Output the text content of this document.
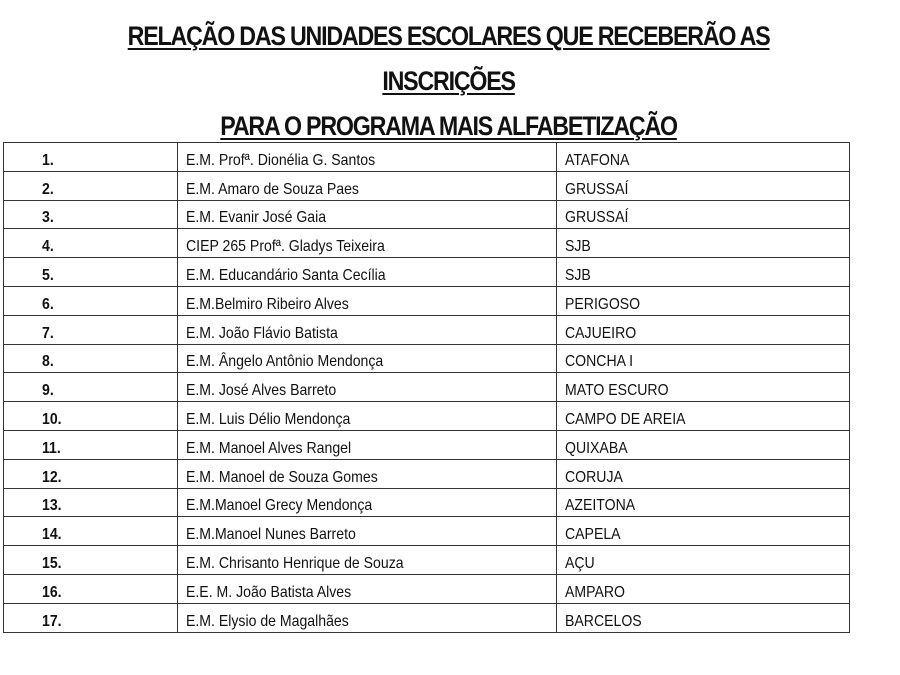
RELAÇÃO DAS UNIDADES ESCOLARES QUE RECEBERÃO AS INSCRIÇÕES
PARA O PROGRAMA MAIS ALFABETIZAÇÃO
1.	E.M. Profª. Dionélia G. Santos	ATAFONA
2.	E.M. Amaro de Souza Paes	GRUSSAÍ
3.	E.M. Evanir José Gaia	GRUSSAÍ
4.	CIEP 265 Profª. Gladys Teixeira	SJB
5.	E.M. Educandário Santa Cecília	SJB
6.	E.M.Belmiro Ribeiro Alves	PERIGOSO
7.	E.M. João Flávio Batista	CAJUEIRO
8.	E.M. Ângelo Antônio Mendonça	CONCHA I
9.	E.M. José Alves Barreto	MATO ESCURO
10.	E.M. Luis Délio Mendonça	CAMPO DE AREIA
11.	E.M. Manoel Alves Rangel	QUIXABA
12.	E.M. Manoel de Souza Gomes	CORUJA
13.	E.M.Manoel Grecy Mendonça	AZEITONA
14.	E.M.Manoel Nunes Barreto	CAPELA
15.	E.M. Chrisanto Henrique de Souza	AÇU
16.	E.E. M. João Batista Alves	AMPARO
17.	E.M. Elysio de Magalhães	BARCELOS
